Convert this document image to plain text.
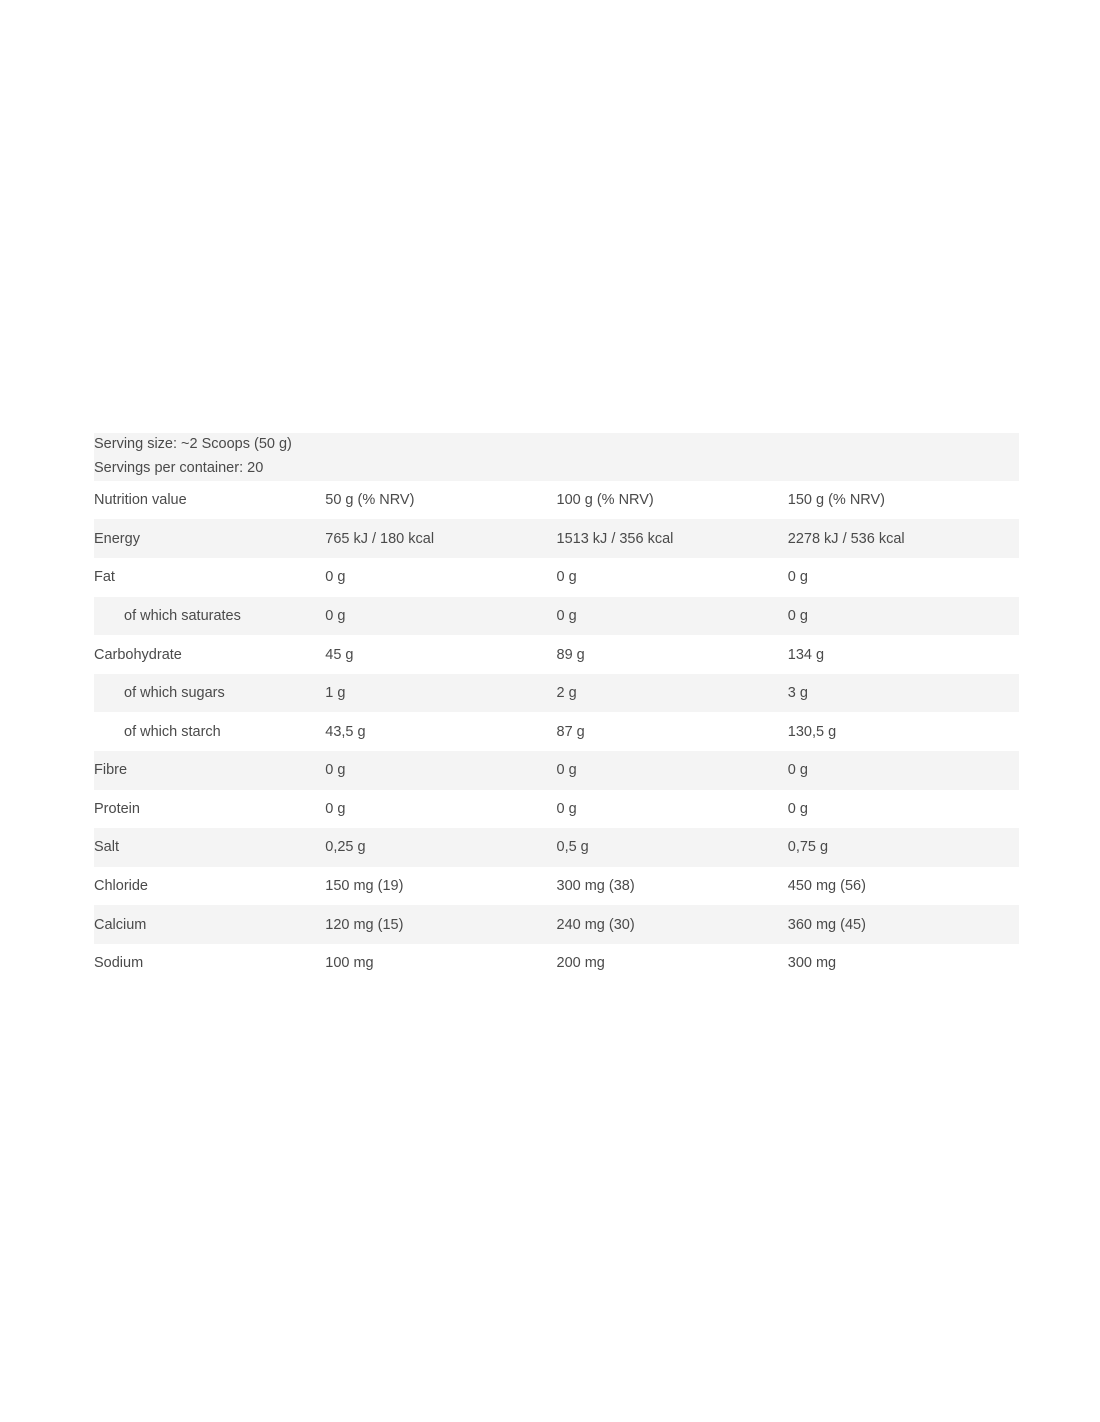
Serving size: ~2 Scoops (50 g)
Servings per container: 20			

Nutrition value	50 g (% NRV)	100 g (% NRV)	150 g (% NRV)
Energy	765 kJ / 180 kcal	1513 kJ / 356 kcal	2278 kJ / 536 kcal
Fat	0 g	0 g	0 g
of which saturates	0 g	0 g	0 g
Carbohydrate	45 g	89 g	134 g
of which sugars	1 g	2 g	3 g
of which starch	43,5 g	87 g	130,5 g
Fibre	0 g	0 g	0 g
Protein	0 g	0 g	0 g
Salt	0,25 g	0,5 g	0,75 g
Chloride	150 mg (19)	300 mg (38)	450 mg (56)
Calcium	120 mg (15)	240 mg (30)	360 mg (45)
Sodium	100 mg	200 mg	300 mg
